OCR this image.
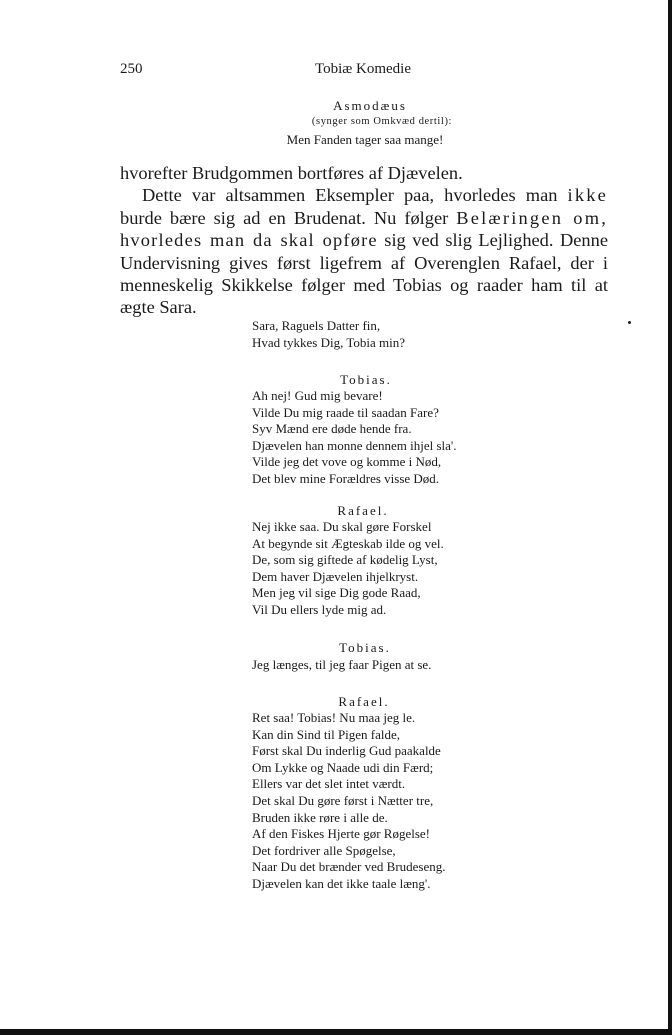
250	Tobiæ Komedie
Asmodæus
(synger som Omkvæd dertil):
Men Fanden tager saa mange!
hvorefter Brudgommen bortføres af Djævelen.
Dette var altsammen Eksempler paa, hvorledes man ikke
burde bære sig ad en Brudenat. Nu følger Belæringen om,
hvorledes man da skal opføre sig ved slig Lejlighed. Denne
Undervisning gives først ligefrem af Overenglen Rafael, der i
menneskelig Skikkelse følger med Tobias og raader ham til at
ægte Sara.
Sara, Raguels Datter fin,
Hvad tykkes Dig, Tobia min?
Tobias.
Ah nej! Gud mig bevare!
Vilde Du mig raade til saadan Fare?
Syv Mænd ere døde hende fra.
Djævelen han monne dennem ihjel sla'.
Vilde jeg det vove og komme i Nød,
Det blev mine Forældres visse Død.
Rafael.
Nej ikke saa. Du skal gøre Forskel
At begynde sit Ægteskab ilde og vel.
De, som sig giftede af kødelig Lyst,
Dem haver Djævelen ihjelkryst.
Men jeg vil sige Dig gode Raad,
Vil Du ellers lyde mig ad.
Tobias.
Jeg længes, til jeg faar Pigen at se.
Rafael.
Ret saa! Tobias! Nu maa jeg le.
Kan din Sind til Pigen falde,
Først skal Du inderlig Gud paakalde
Om Lykke og Naade udi din Færd;
Ellers var det slet intet værdt.
Det skal Du gøre først i Nætter tre,
Bruden ikke røre i alle de.
Af den Fiskes Hjerte gør Røgelse!
Det fordriver alle Spøgelse,
Naar Du det brænder ved Brudeseng.
Djævelen kan det ikke taale læng'.
